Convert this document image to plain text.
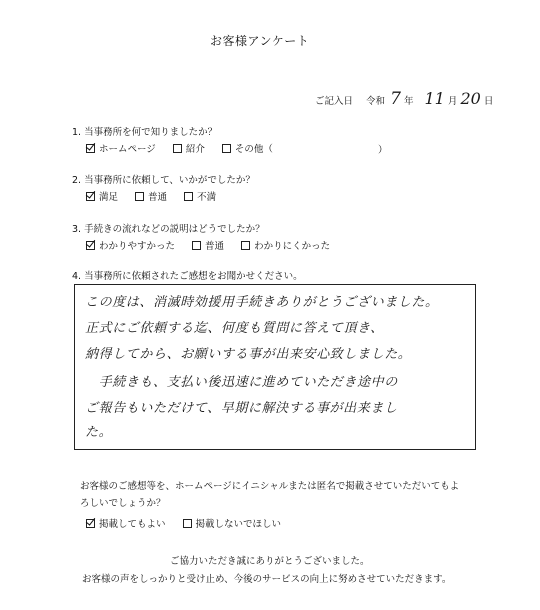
お客様アンケート
ご記入日 令和 7 年 11 月 20 日
1. 当事務所を何で知りましたか？
ホームページ
	紹介
	その他（	）
2. 当事務所に依頼して、いかがでしたか？
満足
	普通
	不満
3. 手続きの流れなどの説明はどうでしたか？
わかりやすかった
	普通
	わかりにくかった
4. 当事務所に依頼されたご感想をお聞かせください。
この度は、消滅時効援用手続きありがとうございました。
正式にご依頼する迄、何度も質問に答えて頂き、
納得してから、お願いする事が出来安心致しました。
　手続きも、支払い後迅速に進めていただき途中の
ご報告もいただけて、早期に解決する事が出来まし
た。
お客様のご感想等を、ホームページにイニシャルまたは匿名で掲載させていただいてもよ
ろしいでしょうか？
掲載してもよい
	掲載しないでほしい
ご協力いただき誠にありがとうございました。
お客様の声をしっかりと受け止め、今後のサービスの向上に努めさせていただきます。
